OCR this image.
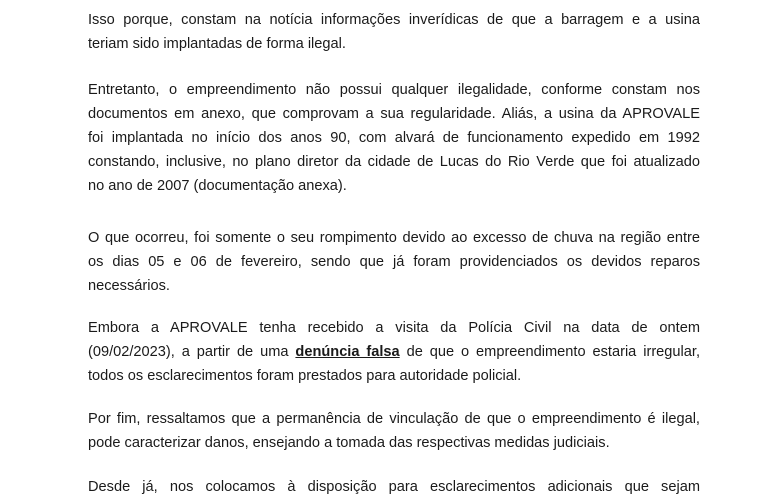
Isso porque, constam na notícia informações inverídicas de que a barragem e a usina
teriam sido implantadas de forma ilegal.
Entretanto, o empreendimento não possui qualquer ilegalidade, conforme constam nos
documentos em anexo, que comprovam a sua regularidade. Aliás, a usina da APROVALE
foi implantada no início dos anos 90, com alvará de funcionamento expedido em 1992
constando, inclusive, no plano diretor da cidade de Lucas do Rio Verde que foi atualizado
no ano de 2007 (documentação anexa).
O que ocorreu, foi somente o seu rompimento devido ao excesso de chuva na região entre
os dias 05 e 06 de fevereiro, sendo que já foram providenciados os devidos reparos
necessários.
Embora a APROVALE tenha recebido a visita da Polícia Civil na data de ontem
(09/02/2023), a partir de uma denúncia falsa de que o empreendimento estaria irregular,
todos os esclarecimentos foram prestados para autoridade policial.
Por fim, ressaltamos que a permanência de vinculação de que o empreendimento é ilegal,
pode caracterizar danos, ensejando a tomada das respectivas medidas judiciais.
Desde já, nos colocamos à disposição para esclarecimentos adicionais que sejam
